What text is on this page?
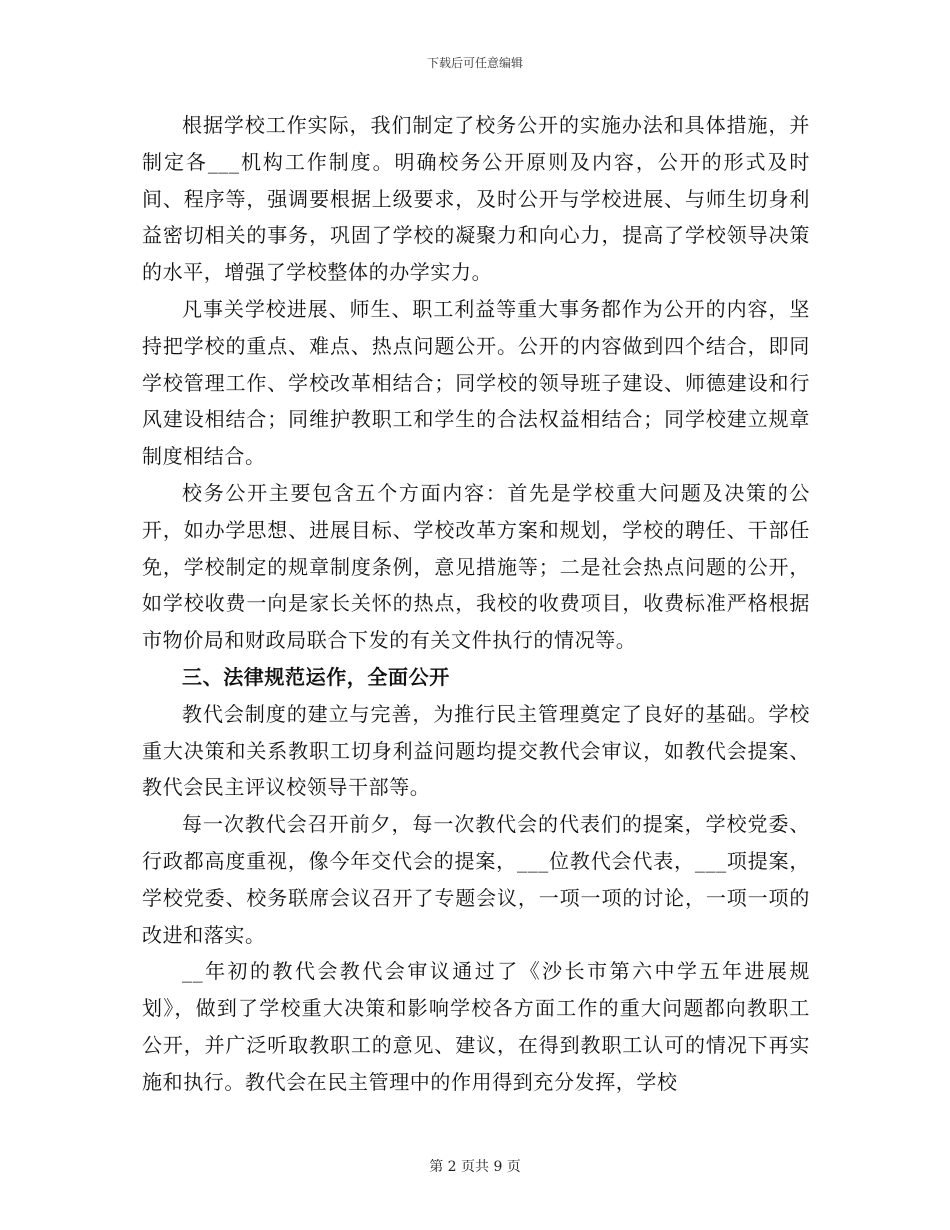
下载后可任意编辑

根据学校工作实际，我们制定了校务公开的实施办法和具体措施，并制定各___机构工作制度。明确校务公开原则及内容，公开的形式及时间、程序等，强调要根据上级要求，及时公开与学校进展、与师生切身利益密切相关的事务，巩固了学校的凝聚力和向心力，提高了学校领导决策的水平，增强了学校整体的办学实力。

凡事关学校进展、师生、职工利益等重大事务都作为公开的内容，坚持把学校的重点、难点、热点问题公开。公开的内容做到四个结合，即同学校管理工作、学校改革相结合；同学校的领导班子建设、师德建设和行风建设相结合；同维护教职工和学生的合法权益相结合；同学校建立规章制度相结合。

校务公开主要包含五个方面内容：首先是学校重大问题及决策的公开，如办学思想、进展目标、学校改革方案和规划，学校的聘任、干部任免，学校制定的规章制度条例，意见措施等；二是社会热点问题的公开，如学校收费一向是家长关怀的热点，我校的收费项目，收费标准严格根据市物价局和财政局联合下发的有关文件执行的情况等。

三、法律规范运作，全面公开

教代会制度的建立与完善，为推行民主管理奠定了良好的基础。学校重大决策和关系教职工切身利益问题均提交教代会审议，如教代会提案、教代会民主评议校领导干部等。

每一次教代会召开前夕，每一次教代会的代表们的提案，学校党委、行政都高度重视，像今年交代会的提案，___位教代会代表，___项提案，学校党委、校务联席会议召开了专题会议，一项一项的讨论，一项一项的改进和落实。

__年初的教代会教代会审议通过了《沙长市第六中学五年进展规划》，做到了学校重大决策和影响学校各方面工作的重大问题都向教职工公开，并广泛听取教职工的意见、建议，在得到教职工认可的情况下再实施和执行。教代会在民主管理中的作用得到充分发挥，学校

第 2 页共 9 页
